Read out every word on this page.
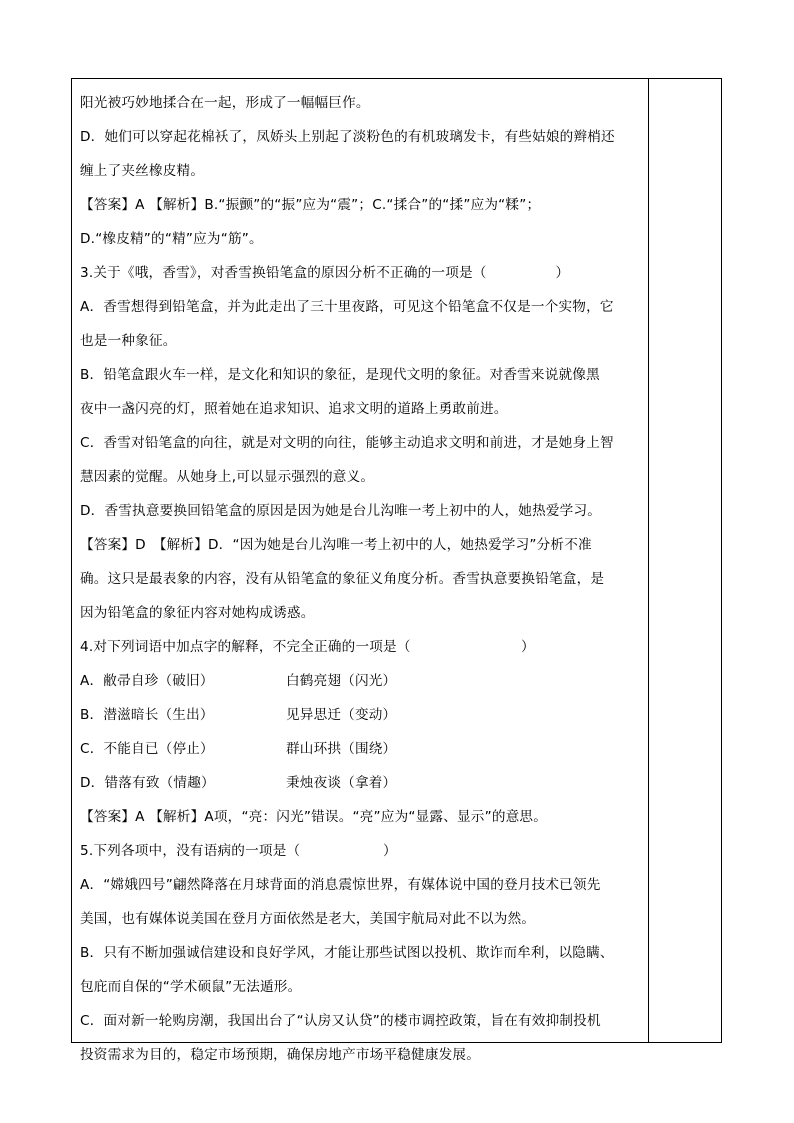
阳光被巧妙地揉合在一起，形成了一幅幅巨作。
D．她们可以穿起花棉袄了，凤娇头上别起了淡粉色的有机玻璃发卡，有些姑娘的辫梢还
缠上了夹丝橡皮精。
【答案】A 【解析】B.“振颤”的“振”应为“震”；C.“揉合”的“揉”应为“糅”；
D.“橡皮精”的“精”应为“筋”。
3.关于《哦，香雪》，对香雪换铅笔盒的原因分析不正确的一项是（　　　　　）
A．香雪想得到铅笔盒，并为此走出了三十里夜路，可见这个铅笔盒不仅是一个实物，它
也是一种象征。
B．铅笔盒跟火车一样，是文化和知识的象征，是现代文明的象征。对香雪来说就像黑
夜中一盏闪亮的灯，照着她在追求知识、追求文明的道路上勇敢前进。
C．香雪对铅笔盒的向往，就是对文明的向往，能够主动追求文明和前进，才是她身上智
慧因素的觉醒。从她身上,可以显示强烈的意义。
D．香雪执意要换回铅笔盒的原因是因为她是台儿沟唯一考上初中的人，她热爱学习。
【答案】D　【解析】D．“因为她是台儿沟唯一考上初中的人，她热爱学习”分析不准
确。这只是最表象的内容，没有从铅笔盒的象征义角度分析。香雪执意要换铅笔盒，是
因为铅笔盒的象征内容对她构成诱惑。
4.对下列词语中加点字的解释，不完全正确的一项是（　　　　　　　　）
A．敝帚自珍（破旧）	白鹤亮翅（闪光）
B．潜滋暗长（生出）	见异思迁（变动）
C．不能自已（停止）	群山环拱（围绕）
D．错落有致（情趣）	秉烛夜谈（拿着）
【答案】A 【解析】A项，“亮：闪光”错误。“亮”应为“显露、显示”的意思。
5.下列各项中，没有语病的一项是（　　　　　　）
A．“嫦娥四号”翩然降落在月球背面的消息震惊世界，有媒体说中国的登月技术已领先
美国，也有媒体说美国在登月方面依然是老大，美国宇航局对此不以为然。
B．只有不断加强诚信建设和良好学风，才能让那些试图以投机、欺诈而牟利，以隐瞒、
包庇而自保的“学术硕鼠”无法遁形。
C．面对新一轮购房潮，我国出台了“认房又认贷”的楼市调控政策，旨在有效抑制投机
投资需求为目的，稳定市场预期，确保房地产市场平稳健康发展。
